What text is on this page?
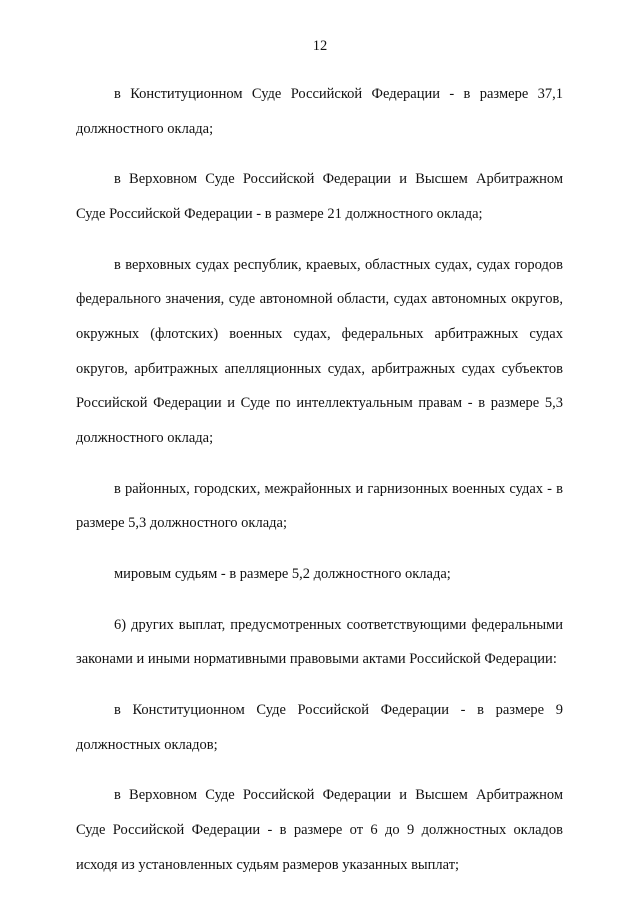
12

в Конституционном Суде Российской Федерации - в размере 37,1 должностного оклада;

в Верховном Суде Российской Федерации и Высшем Арбитражном Суде Российской Федерации - в размере 21 должностного оклада;

в верховных судах республик, краевых, областных судах, судах городов федерального значения, суде автономной области, судах автономных округов, окружных (флотских) военных судах, федеральных арбитражных судах округов, арбитражных апелляционных судах, арбитражных судах субъектов Российской Федерации и Суде по интеллектуальным правам - в размере 5,3 должностного оклада;

в районных, городских, межрайонных и гарнизонных военных судах - в размере 5,3 должностного оклада;

мировым судьям - в размере 5,2 должностного оклада;

6) других выплат, предусмотренных соответствующими федеральными законами и иными нормативными правовыми актами Российской Федерации:

в Конституционном Суде Российской Федерации - в размере 9 должностных окладов;

в Верховном Суде Российской Федерации и Высшем Арбитражном Суде Российской Федерации - в размере от 6 до 9 должностных окладов исходя из установленных судьям размеров указанных выплат;
